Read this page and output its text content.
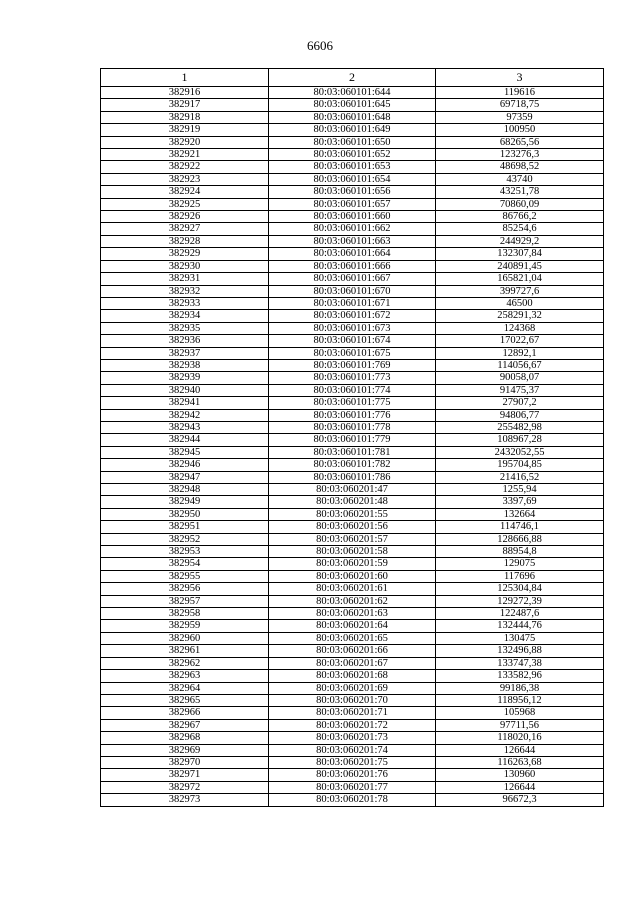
6606
1	2	3
382916	80:03:060101:644	119616
382917	80:03:060101:645	69718,75
382918	80:03:060101:648	97359
382919	80:03:060101:649	100950
382920	80:03:060101:650	68265,56
382921	80:03:060101:652	123276,3
382922	80:03:060101:653	48698,52
382923	80:03:060101:654	43740
382924	80:03:060101:656	43251,78
382925	80:03:060101:657	70860,09
382926	80:03:060101:660	86766,2
382927	80:03:060101:662	85254,6
382928	80:03:060101:663	244929,2
382929	80:03:060101:664	132307,84
382930	80:03:060101:666	240891,45
382931	80:03:060101:667	165821,04
382932	80:03:060101:670	399727,6
382933	80:03:060101:671	46500
382934	80:03:060101:672	258291,32
382935	80:03:060101:673	124368
382936	80:03:060101:674	17022,67
382937	80:03:060101:675	12892,1
382938	80:03:060101:769	114056,67
382939	80:03:060101:773	90058,07
382940	80:03:060101:774	91475,37
382941	80:03:060101:775	27907,2
382942	80:03:060101:776	94806,77
382943	80:03:060101:778	255482,98
382944	80:03:060101:779	108967,28
382945	80:03:060101:781	2432052,55
382946	80:03:060101:782	195704,85
382947	80:03:060101:786	21416,52
382948	80:03:060201:47	1255,94
382949	80:03:060201:48	3397,69
382950	80:03:060201:55	132664
382951	80:03:060201:56	114746,1
382952	80:03:060201:57	128666,88
382953	80:03:060201:58	88954,8
382954	80:03:060201:59	129075
382955	80:03:060201:60	117696
382956	80:03:060201:61	125304,84
382957	80:03:060201:62	129272,39
382958	80:03:060201:63	122487,6
382959	80:03:060201:64	132444,76
382960	80:03:060201:65	130475
382961	80:03:060201:66	132496,88
382962	80:03:060201:67	133747,38
382963	80:03:060201:68	133582,96
382964	80:03:060201:69	99186,38
382965	80:03:060201:70	118956,12
382966	80:03:060201:71	105968
382967	80:03:060201:72	97711,56
382968	80:03:060201:73	118020,16
382969	80:03:060201:74	126644
382970	80:03:060201:75	116263,68
382971	80:03:060201:76	130960
382972	80:03:060201:77	126644
382973	80:03:060201:78	96672,3
